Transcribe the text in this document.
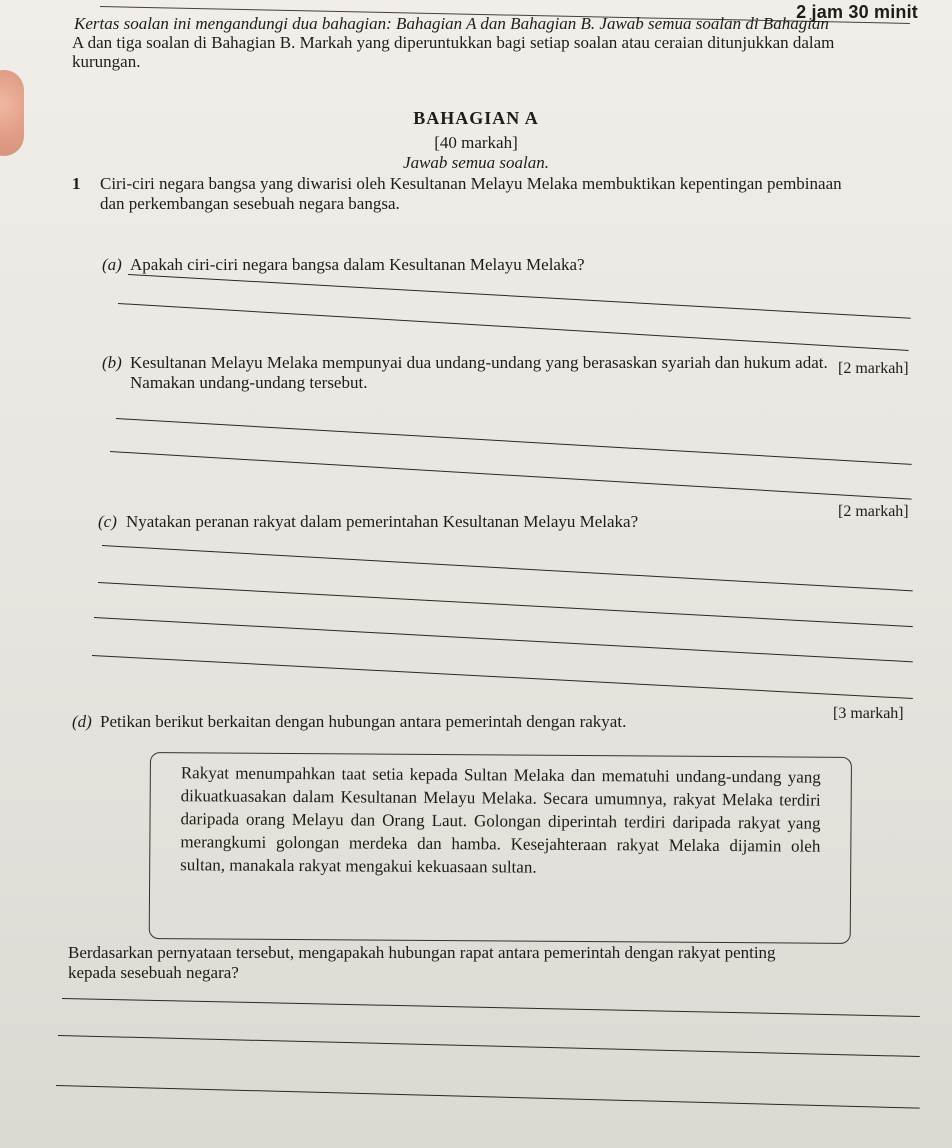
2 jam 30 minit
Kertas soalan ini mengandungi dua bahagian: Bahagian A dan Bahagian B. Jawab semua soalan di Bahagian
A dan tiga soalan di Bahagian B. Markah yang diperuntukkan bagi setiap soalan atau ceraian ditunjukkan dalam
kurungan.
BAHAGIAN A
[40 markah]
Jawab semua soalan.
1 Ciri-ciri negara bangsa yang diwarisi oleh Kesultanan Melayu Melaka membuktikan kepentingan pembinaan
dan perkembangan sesebuah negara bangsa.
(a) Apakah ciri-ciri negara bangsa dalam Kesultanan Melayu Melaka?
[2 markah]
(b) Kesultanan Melayu Melaka mempunyai dua undang-undang yang berasaskan syariah dan hukum adat.
Namakan undang-undang tersebut.
[2 markah]
(c) Nyatakan peranan rakyat dalam pemerintahan Kesultanan Melayu Melaka?
[3 markah]
(d) Petikan berikut berkaitan dengan hubungan antara pemerintah dengan rakyat.
Rakyat menumpahkan taat setia kepada Sultan Melaka dan mematuhi undang-undang yang dikuatkuasakan dalam Kesultanan Melayu Melaka. Secara umumnya, rakyat Melaka terdiri daripada orang Melayu dan Orang Laut. Golongan diperintah terdiri daripada rakyat yang merangkumi golongan merdeka dan hamba. Kesejahteraan rakyat Melaka dijamin oleh sultan, manakala rakyat mengakui kekuasaan sultan.
Berdasarkan pernyataan tersebut, mengapakah hubungan rapat antara pemerintah dengan rakyat penting
kepada sesebuah negara?
